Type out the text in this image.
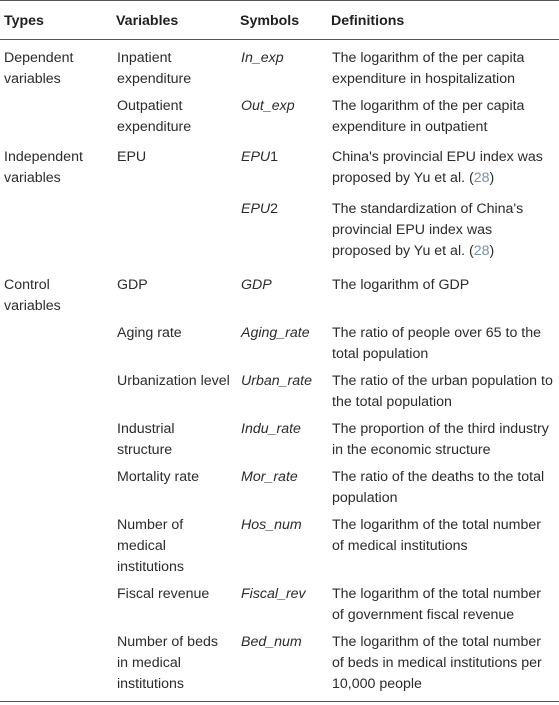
Types	Variables	Symbols	Definitions
Dependent variables	Inpatient expenditure	In_exp	The logarithm of the per capita expenditure in hospitalization
	Outpatient expenditure	Out_exp	The logarithm of the per capita expenditure in outpatient
Independent variables	EPU	EPU1	China's provincial EPU index was proposed by Yu et al. (28)
		EPU2	The standardization of China's provincial EPU index was proposed by Yu et al. (28)
Control variables	GDP	GDP	The logarithm of GDP
	Aging rate	Aging_rate	The ratio of people over 65 to the total population
	Urbanization level	Urban_rate	The ratio of the urban population to the total population
	Industrial structure	Indu_rate	The proportion of the third industry in the economic structure
	Mortality rate	Mor_rate	The ratio of the deaths to the total population
	Number of medical institutions	Hos_num	The logarithm of the total number of medical institutions
	Fiscal revenue	Fiscal_rev	The logarithm of the total number of government fiscal revenue
	Number of beds in medical institutions	Bed_num	The logarithm of the total number of beds in medical institutions per 10,000 people
